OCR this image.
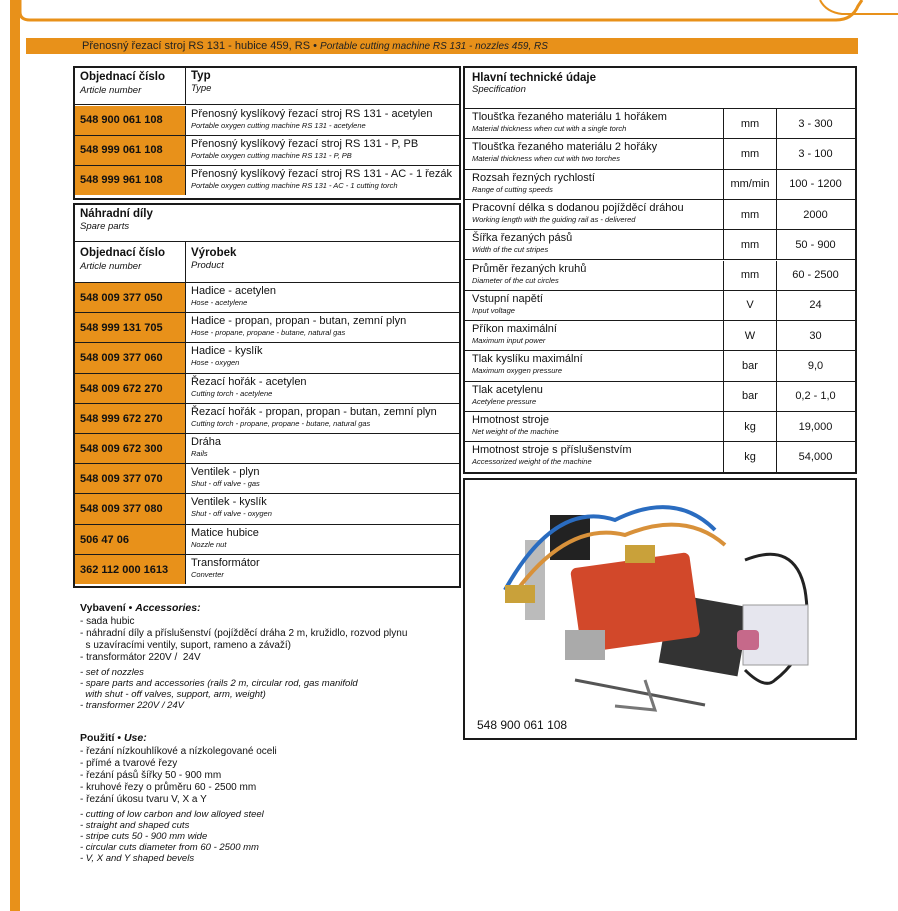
Přenosný řezací stroj RS 131 - hubice 459, RS • Portable cutting machine RS 131 - nozzles 459, RS
Objednací číslo
Article number
Typ
Type
548 900 061 108	Přenosný kyslíkový řezací stroj RS 131 - acetylen
Portable oxygen cutting machine RS 131 - acetylene
548 999 061 108	Přenosný kyslíkový řezací stroj RS 131 - P, PB
Portable oxygen cutting machine RS 131 - P, PB
548 999 961 108	Přenosný kyslíkový řezací stroj RS 131 - AC - 1 řezák
Portable oxygen cutting machine RS 131 - AC - 1 cutting torch
Náhradní díly
Spare parts
Objednací číslo
Article number
Výrobek
Product
548 009 377 050
Hadice - acetylen
Hose - acetylene
548 999 131 705
Hadice - propan, propan - butan, zemní plyn
Hose - propane, propane - butane, natural gas
548 009 377 060
Hadice - kyslík
Hose - oxygen
548 009 672 270
Řezací hořák - acetylen
Cutting torch - acetylene
548 999 672 270
Řezací hořák - propan, propan - butan, zemní plyn
Cutting torch - propane, propane - butane, natural gas
548 009 672 300
Dráha
Rails
548 009 377 070
Ventilek - plyn
Shut - off valve - gas
548 009 377 080
Ventilek - kyslík
Shut - off valve - oxygen
506 47 06
Matice hubice
Nozzle nut
362 112 000 1613
Transformátor
Converter
Hlavní technické údaje
Specification
Tloušťka řezaného materiálu 1 hořákem
Material thickness when cut with a single torch	mm	3 - 300
Tloušťka řezaného materiálu 2 hořáky
Material thickness when cut with two torches	mm	3 - 100
Rozsah řezných rychlostí
Range of cutting speeds	mm/min	100 - 1200
Pracovní délka s dodanou pojížděcí dráhou
Working length with the guiding rail as - delivered	mm	2000
Šířka řezaných pásů
Width of the cut stripes	mm	50 - 900
Průměr řezaných kruhů
Diameter of the cut circles	mm	60 - 2500
Vstupní napětí
Input voltage	V	24
Příkon maximální
Maximum input power	W	30
Tlak kyslíku maximální
Maximum oxygen pressure	bar	9,0
Tlak acetylenu
Acetylene pressure	bar	0,2 - 1,0
Hmotnost stroje
Net weight of the machine	kg	19,000
Hmotnost stroje s příslušenstvím
Accessorized weight of the machine	kg	54,000
548 900 061 108
Vybavení • Accessories:
- sada hubic
- náhradní díly a příslušenství (pojížděcí dráha 2 m, kružidlo, rozvod plynu
s uzavíracími ventily, suport, rameno a závaží)
- transformátor 220V /  24V
- set of nozzles
- spare parts and accessories (rails 2 m, circular rod, gas manifold
with shut - off valves, support, arm, weight)
- transformer 220V / 24V
Použití • Use:
- řezání nízkouhlíkové a nízkolegované oceli
- přímé a tvarové řezy
- řezání pásů šířky 50 - 900 mm
- kruhové řezy o průměru 60 - 2500 mm
- řezání úkosu tvaru V, X a Y
- cutting of low carbon and low alloyed steel
- straight and shaped cuts
- stripe cuts 50 - 900 mm wide
- circular cuts diameter from 60 - 2500 mm
- V, X and Y shaped bevels
